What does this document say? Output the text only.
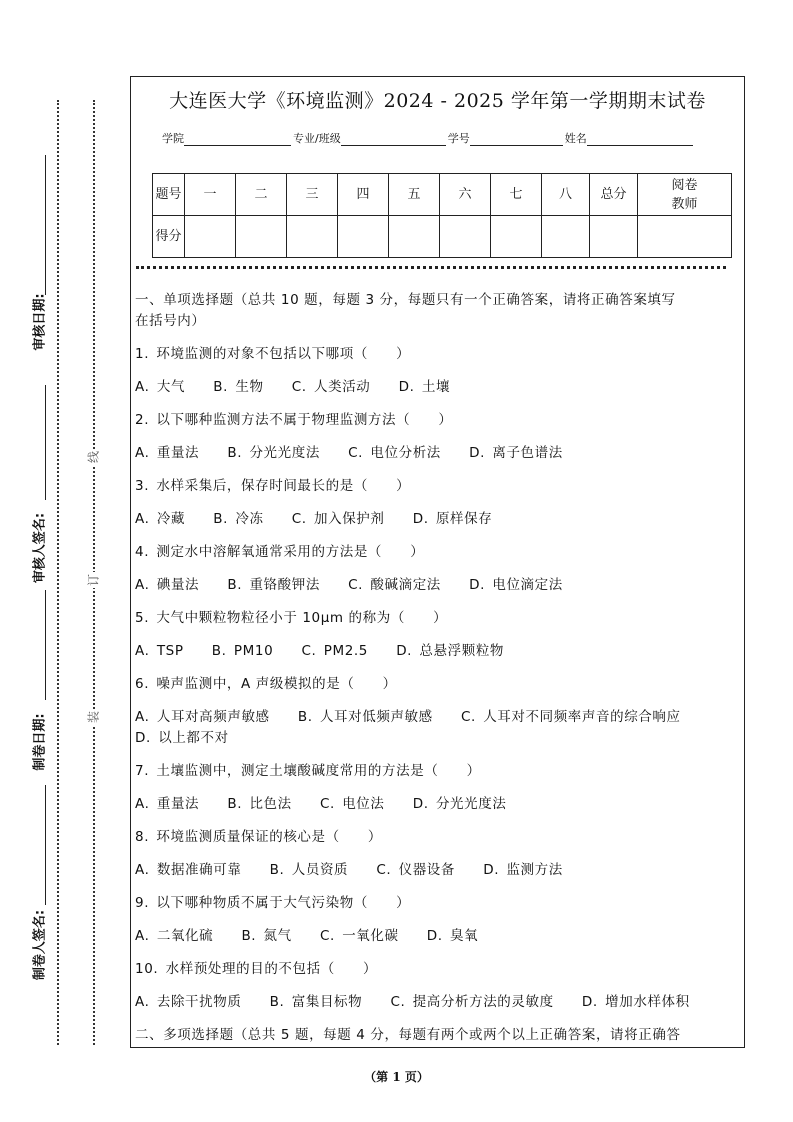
审核日期:
审核人签名:
制卷日期:
制卷人签名:
线
订
装
大连医大学《环境监测》2024 - 2025 学年第一学期期末试卷
学院	专业/班级	学号	姓名
题号	一	二	三	四	五	六	七	八	总分	阅卷教师
得分										

一、单项选择题（总共 10 题，每题 3 分，每题只有一个正确答案，请将正确答案填写

在括号内）

1. 环境监测的对象不包括以下哪项（  ）

A. 大气  B. 生物  C. 人类活动  D. 土壤

2. 以下哪种监测方法不属于物理监测方法（  ）

A. 重量法  B. 分光光度法  C. 电位分析法  D. 离子色谱法

3. 水样采集后，保存时间最长的是（  ）

A. 冷藏  B. 冷冻  C. 加入保护剂  D. 原样保存

4. 测定水中溶解氧通常采用的方法是（  ）

A. 碘量法  B. 重铬酸钾法  C. 酸碱滴定法  D. 电位滴定法

5. 大气中颗粒物粒径小于 10μm 的称为（  ）

A. TSP  B. PM10  C. PM2.5  D. 总悬浮颗粒物

6. 噪声监测中，A 声级模拟的是（  ）

A. 人耳对高频声敏感  B. 人耳对低频声敏感  C. 人耳对不同频率声音的综合响应

D. 以上都不对

7. 土壤监测中，测定土壤酸碱度常用的方法是（  ）

A. 重量法  B. 比色法  C. 电位法  D. 分光光度法

8. 环境监测质量保证的核心是（  ）

A. 数据准确可靠  B. 人员资质  C. 仪器设备  D. 监测方法

9. 以下哪种物质不属于大气污染物（  ）

A. 二氧化硫  B. 氮气  C. 一氧化碳  D. 臭氧

10. 水样预处理的目的不包括（  ）

A. 去除干扰物质  B. 富集目标物  C. 提高分析方法的灵敏度  D. 增加水样体积

二、多项选择题（总共 5 题，每题 4 分，每题有两个或两个以上正确答案，请将正确答

（第 1 页）
